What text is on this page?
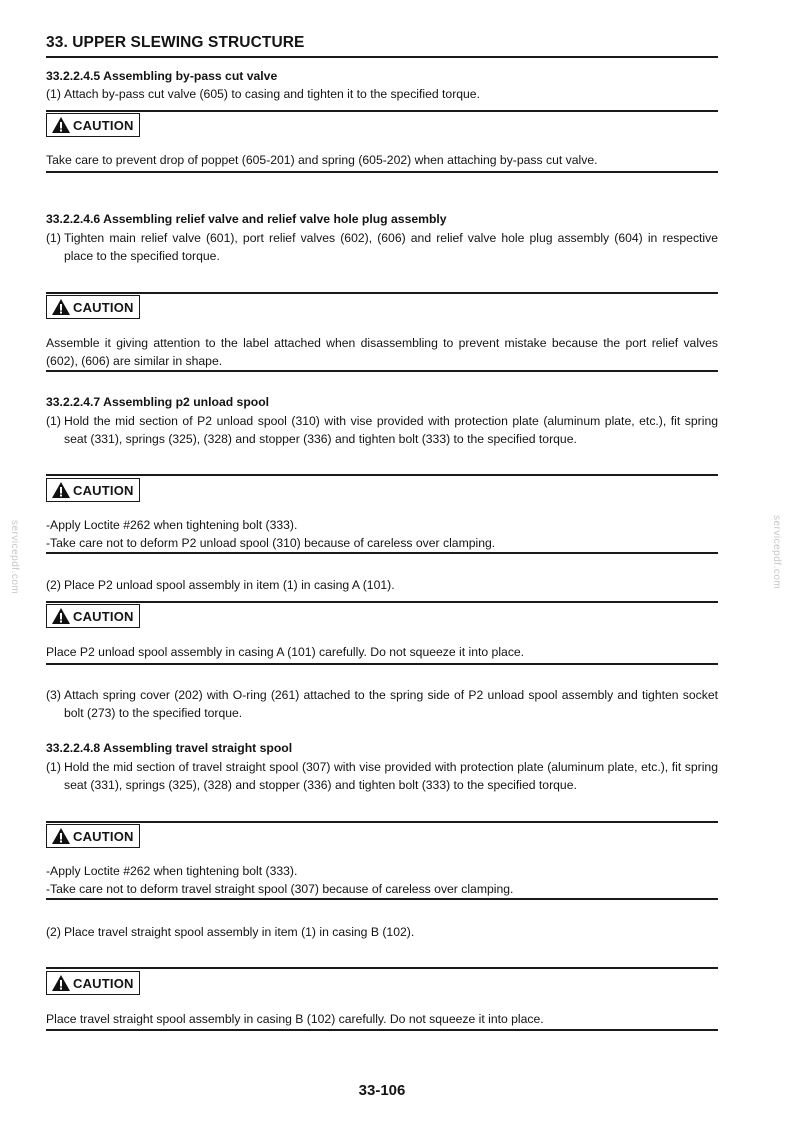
33. UPPER SLEWING STRUCTURE
33.2.2.4.5 Assembling by-pass cut valve
(1) Attach by-pass cut valve (605) to casing and tighten it to the specified torque.
CAUTION
Take care to prevent drop of poppet (605-201) and spring (605-202) when attaching by-pass cut valve.
33.2.2.4.6 Assembling relief valve and relief valve hole plug assembly
(1) Tighten main relief valve (601), port relief valves (602), (606) and relief valve hole plug assembly (604) in respective place to the specified torque.
CAUTION
Assemble it giving attention to the label attached when disassembling to prevent mistake because the port relief valves (602), (606) are similar in shape.
33.2.2.4.7 Assembling p2 unload spool
(1) Hold the mid section of P2 unload spool (310) with vise provided with protection plate (aluminum plate, etc.), fit spring seat (331), springs (325), (328) and stopper (336) and tighten bolt (333) to the specified torque.
CAUTION
-Apply Loctite #262 when tightening bolt (333).
-Take care not to deform P2 unload spool (310) because of careless over clamping.
(2) Place P2 unload spool assembly in item (1) in casing A (101).
CAUTION
Place P2 unload spool assembly in casing A (101) carefully. Do not squeeze it into place.
(3) Attach spring cover (202) with O-ring (261) attached to the spring side of P2 unload spool assembly and tighten socket bolt (273) to the specified torque.
33.2.2.4.8 Assembling travel straight spool
(1) Hold the mid section of travel straight spool (307) with vise provided with protection plate (aluminum plate, etc.), fit spring seat (331), springs (325), (328) and stopper (336) and tighten bolt (333) to the specified torque.
CAUTION
-Apply Loctite #262 when tightening bolt (333).
-Take care not to deform travel straight spool (307) because of careless over clamping.
(2) Place travel straight spool assembly in item (1) in casing B (102).
CAUTION
Place travel straight spool assembly in casing B (102) carefully. Do not squeeze it into place.
servicepdf.com	servicepdf.com
33-106
